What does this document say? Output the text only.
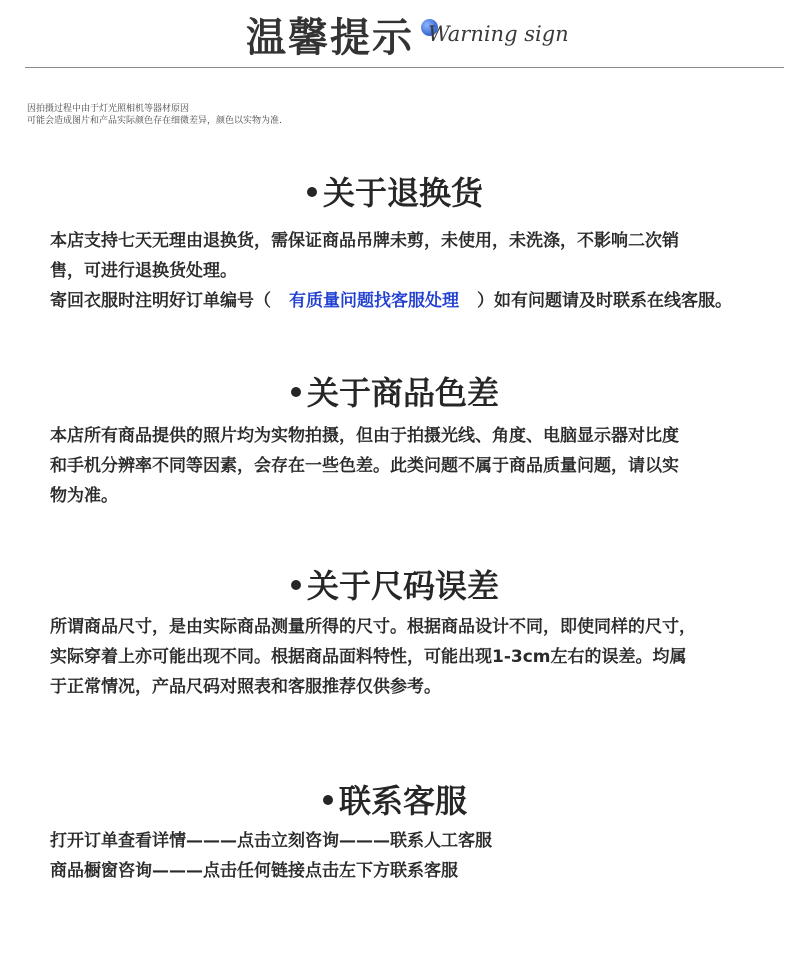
温馨提示 Warning sign
因拍摄过程中由于灯光照相机等器材原因
可能会造成图片和产品实际颜色存在细微差异，颜色以实物为准.
关于退换货
本店支持七天无理由退换货，需保证商品吊牌未剪，未使用，未洗涤，不影响二次销
售，可进行退换货处理。
寄回衣服时注明好订单编号（ 有质量问题找客服处理 ）如有问题请及时联系在线客服。
关于商品色差
本店所有商品提供的照片均为实物拍摄，但由于拍摄光线、角度、电脑显示器对比度
和手机分辨率不同等因素，会存在一些色差。此类问题不属于商品质量问题，请以实
物为准。
关于尺码误差
所谓商品尺寸，是由实际商品测量所得的尺寸。根据商品设计不同，即使同样的尺寸，
实际穿着上亦可能出现不同。根据商品面料特性，可能出现1-3cm左右的误差。均属
于正常情况，产品尺码对照表和客服推荐仅供参考。
联系客服
打开订单查看详情———点击立刻咨询———联系人工客服
商品橱窗咨询———点击任何链接点击左下方联系客服
